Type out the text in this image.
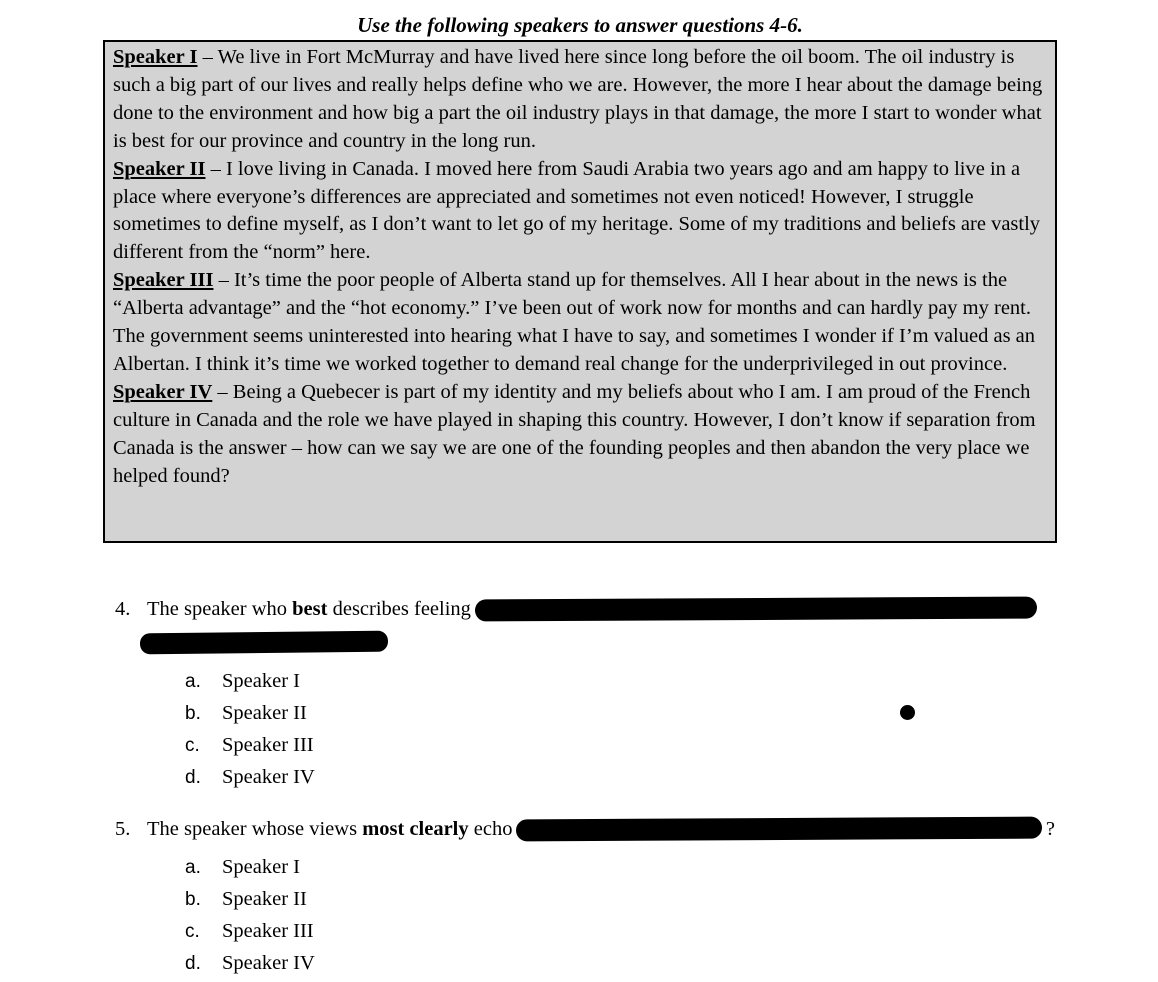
Use the following speakers to answer questions 4-6.

Speaker I – We live in Fort McMurray and have lived here since long before the oil boom. The oil industry is such a big part of our lives and really helps define who we are. However, the more I hear about the damage being done to the environment and how big a part the oil industry plays in that damage, the more I start to wonder what is best for our province and country in the long run.

Speaker II – I love living in Canada. I moved here from Saudi Arabia two years ago and am happy to live in a place where everyone’s differences are appreciated and sometimes not even noticed! However, I struggle sometimes to define myself, as I don’t want to let go of my heritage. Some of my traditions and beliefs are vastly different from the “norm” here.

Speaker III – It’s time the poor people of Alberta stand up for themselves. All I hear about in the news is the “Alberta advantage” and the “hot economy.” I’ve been out of work now for months and can hardly pay my rent. The government seems uninterested into hearing what I have to say, and sometimes I wonder if I’m valued as an Albertan. I think it’s time we worked together to demand real change for the underprivileged in out province.

Speaker IV – Being a Quebecer is part of my identity and my beliefs about who I am. I am proud of the French culture in Canada and the role we have played in shaping this country. However, I don’t know if separation from Canada is the answer – how can we say we are one of the founding peoples and then abandon the very place we helped found?

4. The speaker who best describes feeling
a. Speaker I
b. Speaker II
c. Speaker III
d. Speaker IV
5. The speaker whose views most clearly echo	?
a. Speaker I
b. Speaker II
c. Speaker III
d. Speaker IV
